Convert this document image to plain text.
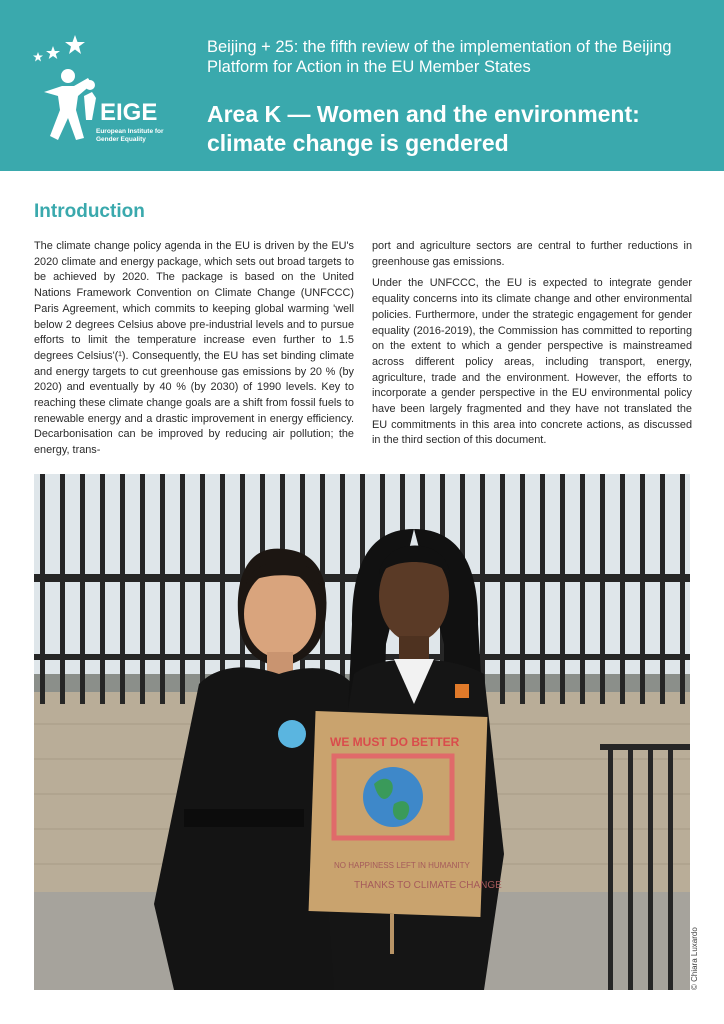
EIGE
European Institute for Gender Equality
Beijing + 25: the fifth review of the implementation of the Beijing Platform for Action in the EU Member States
Area K — Women and the environment: climate change is gendered
Introduction

The climate change policy agenda in the EU is driven by the EU's 2020 climate and energy package, which sets out broad targets to be achieved by 2020. The package is based on the United Nations Framework Convention on Climate Change (UNFCCC) Paris Agreement, which commits to keeping global warming 'well below 2 degrees Celsius above pre-industrial levels and to pursue efforts to limit the temperature increase even further to 1.5 degrees Celsius'(¹). Consequently, the EU has set binding climate and energy targets to cut greenhouse gas emissions by 20 % (by 2020) and eventually by 40 % (by 2030) of 1990 levels. Key to reaching these climate change goals are a shift from fossil fuels to renewable energy and a drastic improvement in energy efficiency. Decarbonisation can be improved by reducing air pollution; the energy, trans-

port and agriculture sectors are central to further reductions in greenhouse gas emissions.

Under the UNFCCC, the EU is expected to integrate gender equality concerns into its climate change and other environmental policies. Furthermore, under the strategic engagement for gender equality (2016-2019), the Commission has committed to reporting on the extent to which a gender perspective is mainstreamed across different policy areas, including transport, energy, agriculture, trade and the environment. However, the efforts to incorporate a gender perspective in the EU environmental policy have been largely fragmented and they have not translated the EU commitments in this area into concrete actions, as discussed in the third section of this document.

WE MUST DO BETTER
NO HAPPINESS LEFT IN HUMANITY
THANKS TO CLIMATE CHANGE
© Chiara Luxardo
